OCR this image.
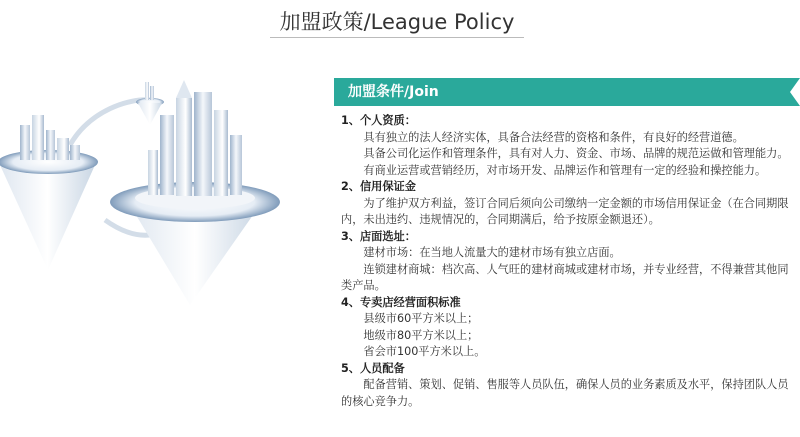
加盟政策/League Policy
加盟条件/Join
1、个人资质：
具有独立的法人经济实体，具备合法经营的资格和条件，有良好的经营道德。
具备公司化运作和管理条件，具有对人力、资金、市场、品牌的规范运做和管理能力。
有商业运营或营销经历，对市场开发、品牌运作和管理有一定的经验和操控能力。
2、信用保证金
为了维护双方利益，签订合同后须向公司缴纳一定金额的市场信用保证金（在合同期限内，未出违约、违规情况的，合同期满后，给予按原金额退还）。
3、店面选址：
建材市场：在当地人流量大的建材市场有独立店面。
连锁建材商城：档次高、人气旺的建材商城或建材市场，并专业经营，不得兼营其他同类产品。
4、专卖店经营面积标准
县级市60平方米以上；
地级市80平方米以上；
省会市100平方米以上。
5、人员配备
配备营销、策划、促销、售服等人员队伍，确保人员的业务素质及水平，保持团队人员的核心竞争力。
